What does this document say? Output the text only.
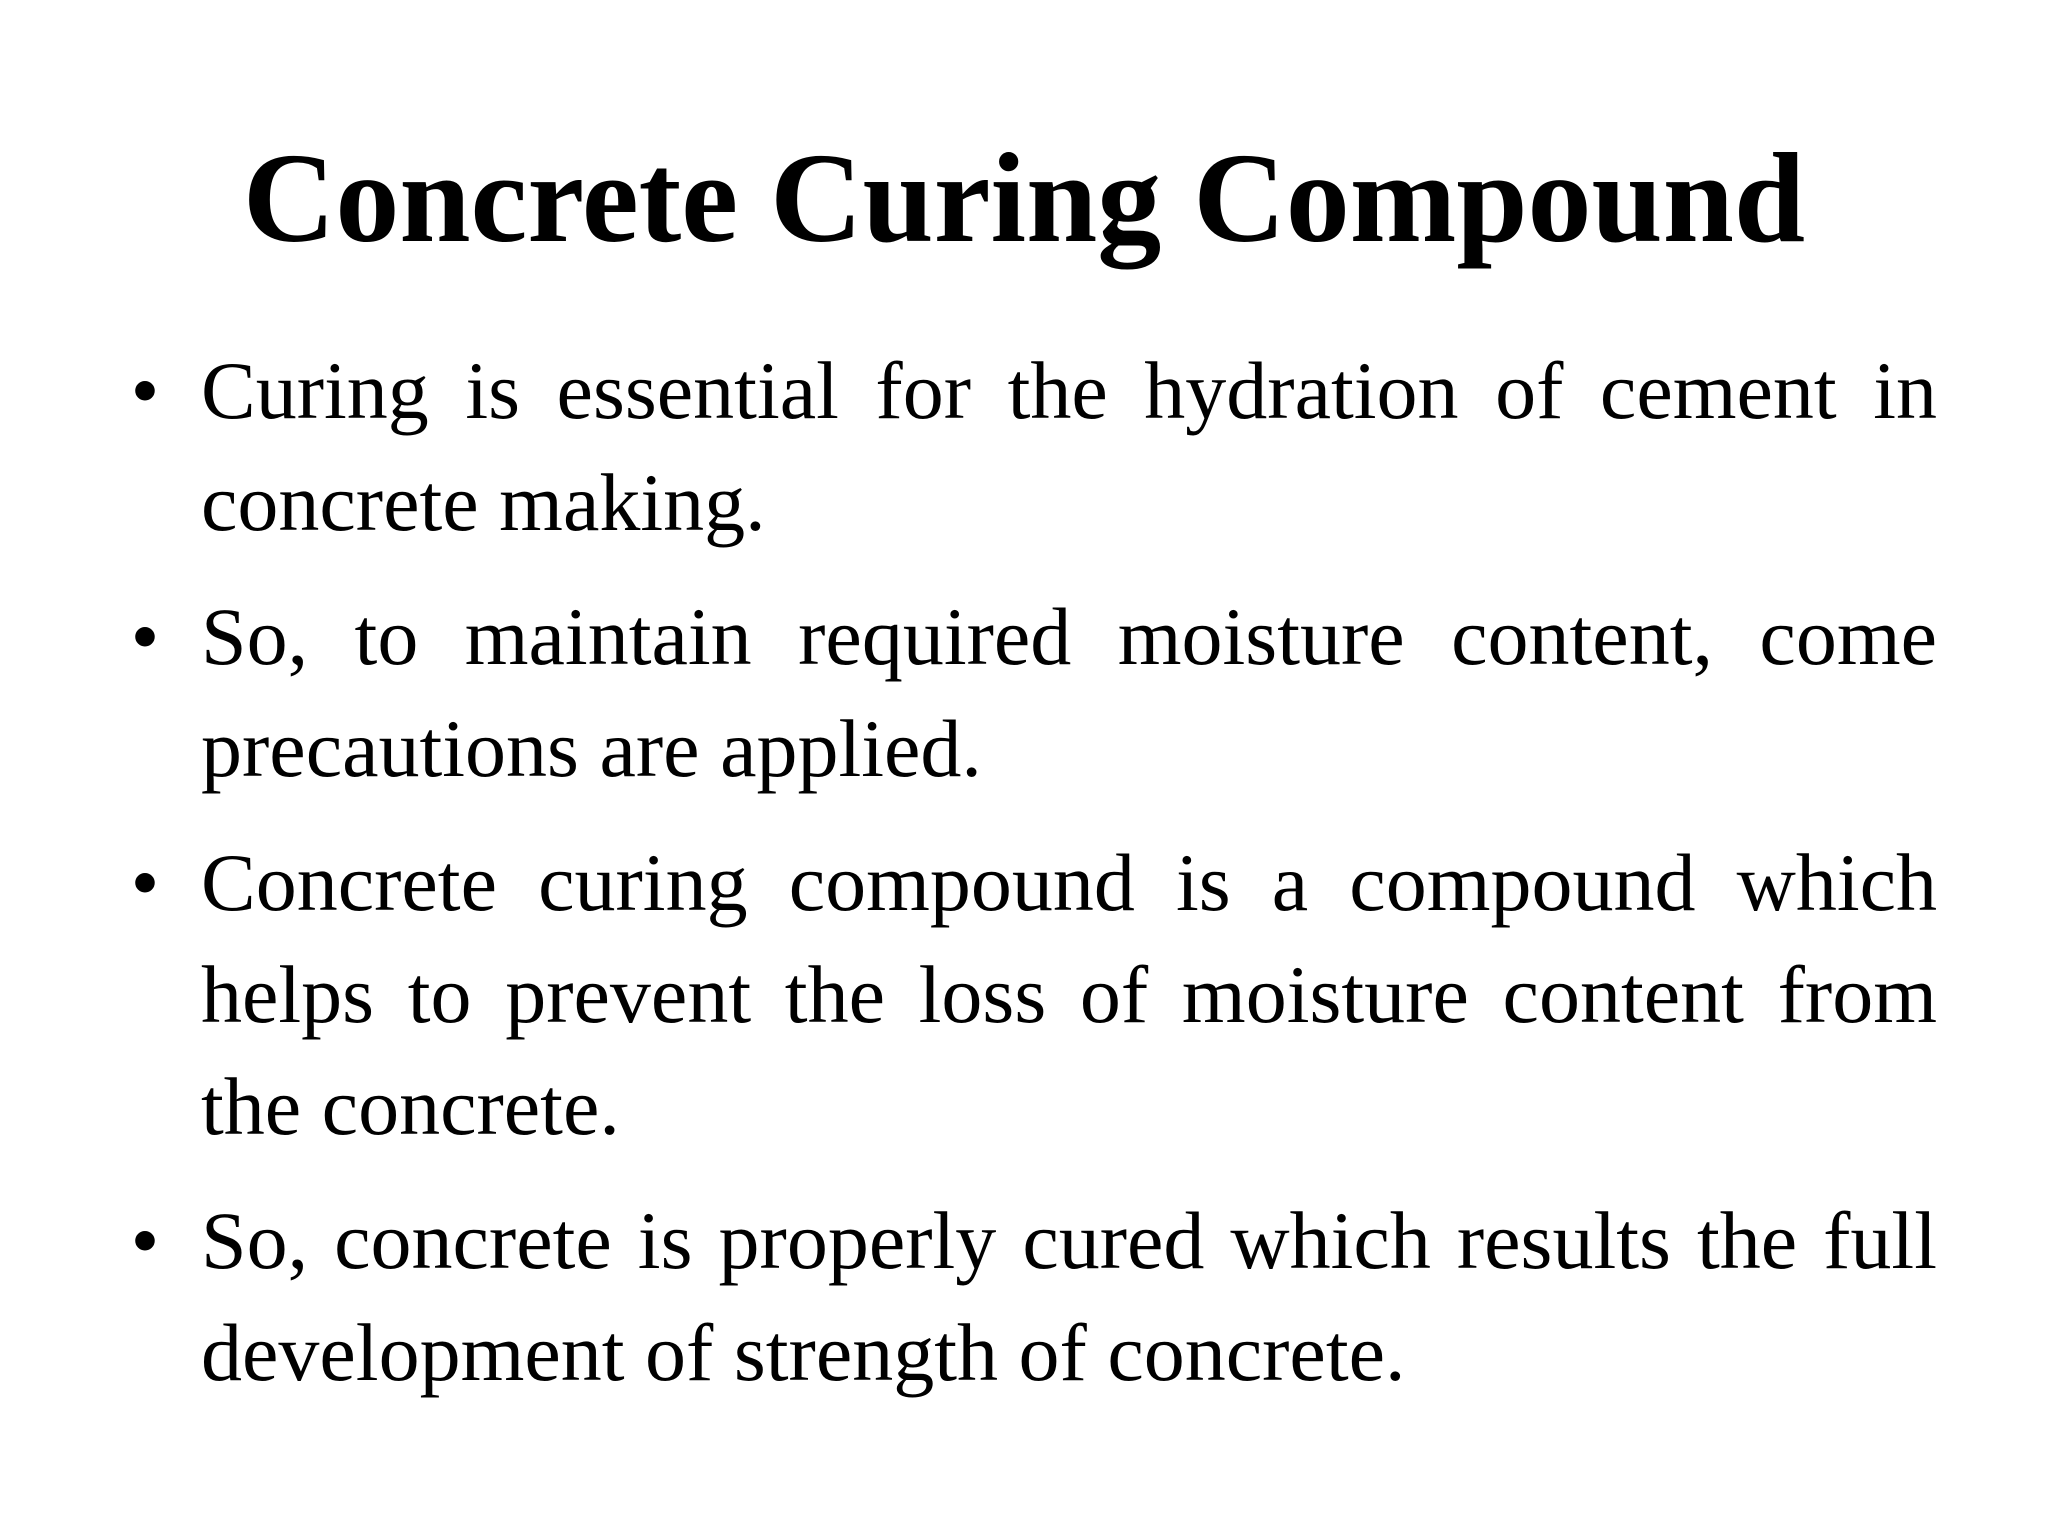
Concrete Curing Compound
• Curing is essential for the hydration of cement in concrete making.
• So, to maintain required moisture content, come precautions are applied.
• Concrete curing compound is a compound which helps to prevent the loss of moisture content from the concrete.
• So, concrete is properly cured which results the full development of strength of concrete.
